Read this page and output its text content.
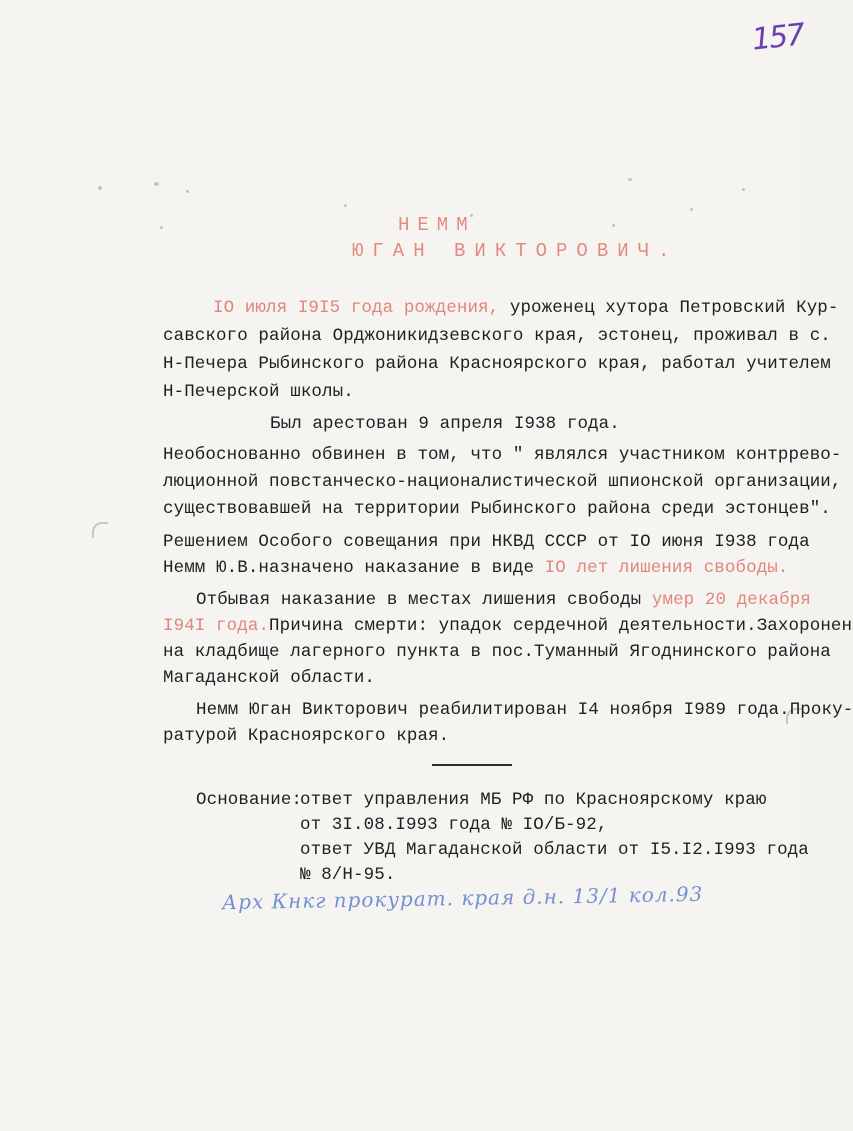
157
НЕММ
ЮГАН ВИКТОРОВИЧ.
IO июля I9I5 года рождения, уроженец хутора Петровский Кур-
савского района Орджоникидзевского края, эстонец, проживал в с.
Н-Печера Рыбинского района Красноярского края, работал учителем
Н-Печерской школы.
Был арестован 9 апреля I938 года.
Необоснованно обвинен в том, что " являлся участником контррево-
люционной повстанческо-националистической шпионской организации,
существовавшей на территории Рыбинского района среди эстонцев".
Решением Особого совещания при НКВД СССР от IO июня I938 года
Немм Ю.В.назначено наказание в виде IO лет лишения свободы.
Отбывая наказание в местах лишения свободы умер 20 декабря
I94I года.Причина смерти: упадок сердечной деятельности.Захоронен
на кладбище лагерного пункта в пос.Туманный Ягоднинского района
Магаданской области.
Немм Юган Викторович реабилитирован I4 ноября I989 года.Проку-
ратурой Красноярского края.
Основание:
ответ управления МБ РФ по Красноярскому краю
от 3I.08.I993 года № IO/Б-92,
ответ УВД Магаданской области от I5.I2.I993 года
№ 8/Н-95.
Арх Кнкг прокурат. края д.н. 13/1 кол.93
